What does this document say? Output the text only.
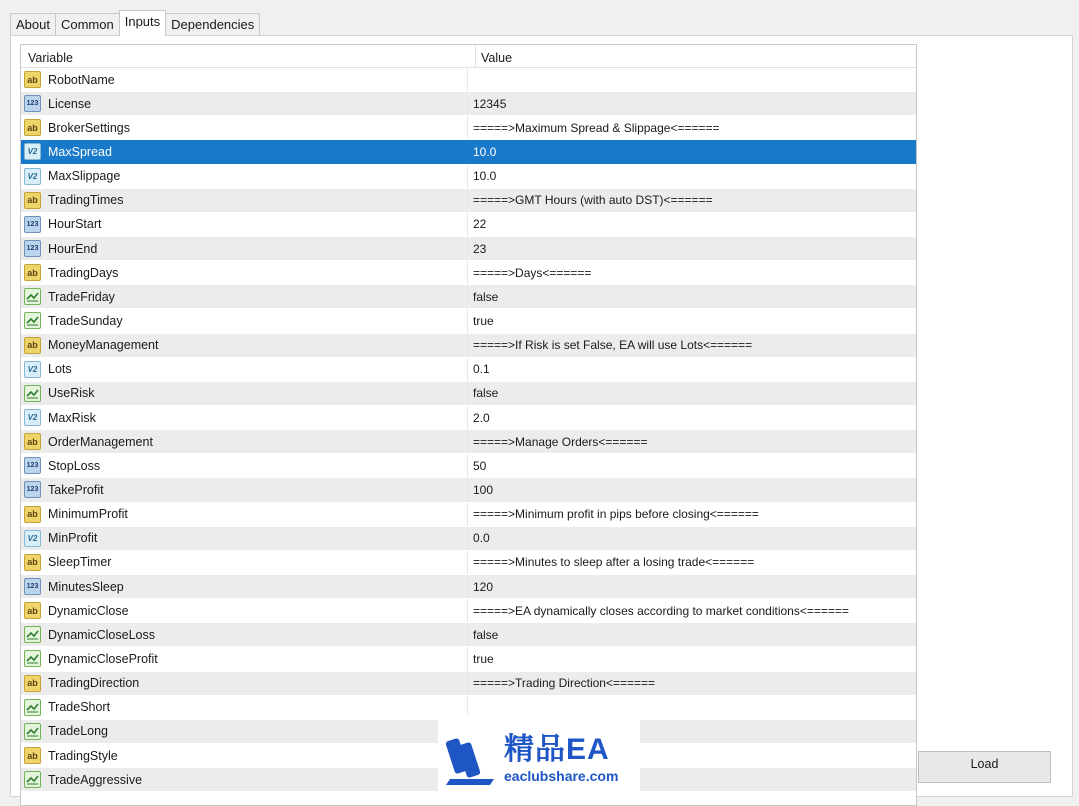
About Common Inputs Dependencies
Variable	Value
ab RobotName
123 License	12345
ab BrokerSettings	=====>Maximum Spread & Slippage<======
V2 MaxSpread	10.0
V2 MaxSlippage	10.0
ab TradingTimes	=====>GMT Hours (with auto DST)<======
123 HourStart	22
123 HourEnd	23
ab TradingDays	=====>Days<======
TradeFriday	false
TradeSunday	true
ab MoneyManagement	=====>If Risk is set False, EA will use Lots<======
V2 Lots	0.1
UseRisk	false
V2 MaxRisk	2.0
ab OrderManagement	=====>Manage Orders<======
123 StopLoss	50
123 TakeProfit	100
ab MinimumProfit	=====>Minimum profit in pips before closing<======
V2 MinProfit	0.0
ab SleepTimer	=====>Minutes to sleep after a losing trade<======
123 MinutesSleep	120
ab DynamicClose	=====>EA dynamically closes according to market conditions<======
DynamicCloseLoss	false
DynamicCloseProfit	true
ab TradingDirection	=====>Trading Direction<======
TradeShort
TradeLong
ab TradingStyle
TradeAggressive
Load
精品EA
eaclubshare.com
